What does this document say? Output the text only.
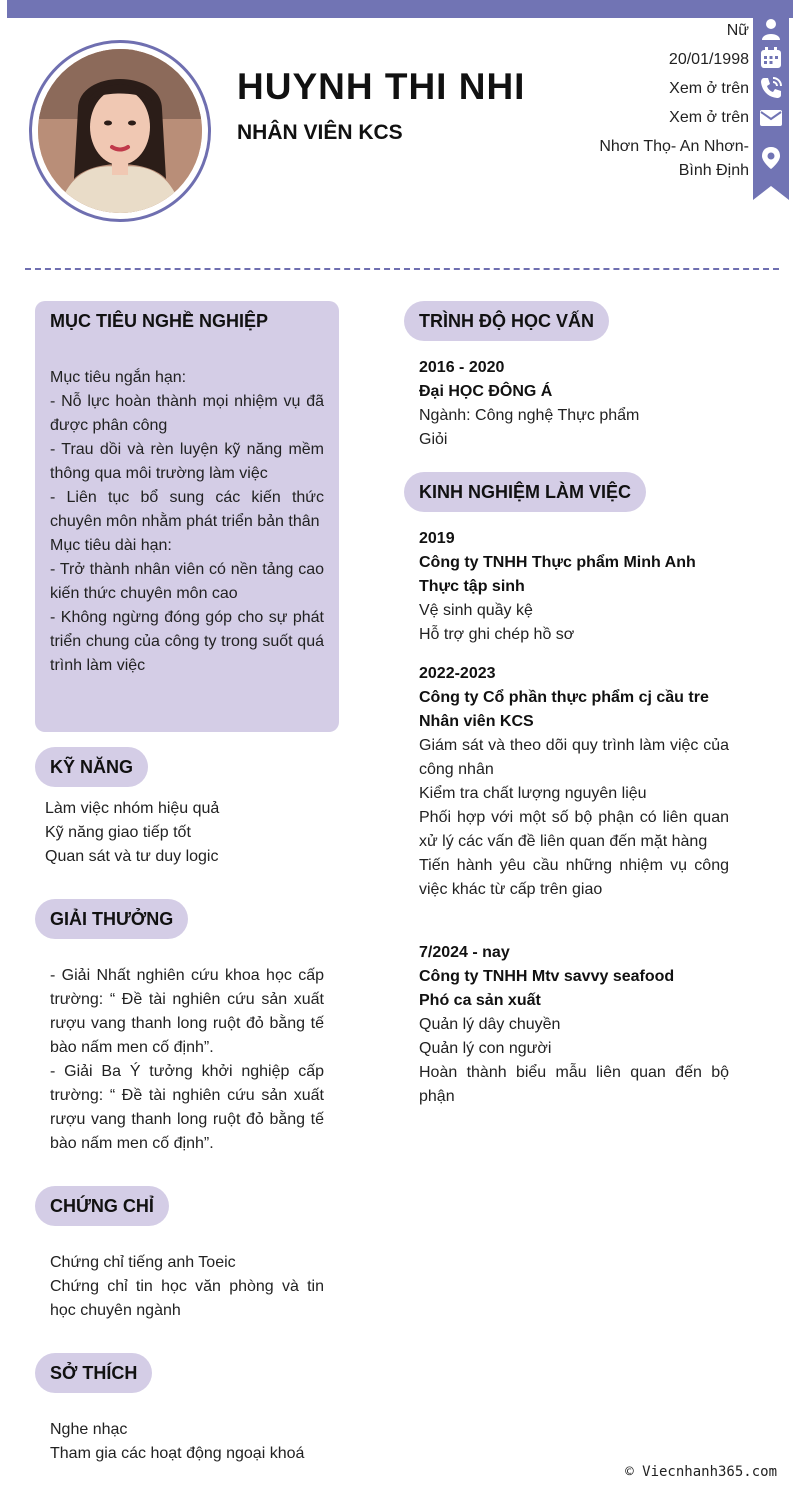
HUYNH THI NHI
NHÂN VIÊN KCS
Nữ
20/01/1998
Xem ở trên
Xem ở trên
Nhơn Thọ- An Nhơn-
Bình Định
MỤC TIÊU NGHỀ NGHIỆP
Mục tiêu ngắn hạn:
- Nỗ lực hoàn thành mọi nhiệm vụ đã được phân công
- Trau dồi và rèn luyện kỹ năng mềm thông qua môi trường làm việc
- Liên tục bổ sung các kiến thức chuyên môn nhằm phát triển bản thân
Mục tiêu dài hạn:
- Trở thành nhân viên có nền tảng cao kiến thức chuyên môn cao
- Không ngừng đóng góp cho sự phát triển chung của công ty trong suốt quá trình làm việc
KỸ NĂNG
Làm việc nhóm hiệu quả
Kỹ năng giao tiếp tốt
Quan sát và tư duy logic
GIẢI THƯỞNG
- Giải Nhất nghiên cứu khoa học cấp trường: “ Đề tài nghiên cứu sản xuất rượu vang thanh long ruột đỏ bằng tế bào nấm men cố định”.
- Giải Ba Ý tưởng khởi nghiệp cấp trường: “ Đề tài nghiên cứu sản xuất rượu vang thanh long ruột đỏ bằng tế bào nấm men cố định”.
CHỨNG CHỈ
Chứng chỉ tiếng anh Toeic
Chứng chỉ tin học văn phòng và tin học chuyên ngành
SỞ THÍCH
Nghe nhạc
Tham gia các hoạt động ngoại khoá
TRÌNH ĐỘ HỌC VẤN
2016 - 2020
Đại HỌC ĐÔNG Á
Ngành: Công nghệ Thực phẩm
Giỏi
KINH NGHIỆM LÀM VIỆC
2019
Công ty TNHH Thực phẩm Minh Anh
Thực tập sinh
Vệ sinh quầy kệ
Hỗ trợ ghi chép hồ sơ
2022-2023
Công ty Cổ phần thực phẩm cj cầu tre
Nhân viên KCS
Giám sát và theo dõi quy trình làm việc của công nhân
Kiểm tra chất lượng nguyên liệu
Phối hợp với một số bộ phận có liên quan xử lý các vấn đề liên quan đến mặt hàng
Tiến hành yêu cầu những nhiệm vụ công việc khác từ cấp trên giao
7/2024 - nay
Công ty TNHH Mtv savvy seafood
Phó ca sản xuất
Quản lý dây chuyền
Quản lý con người
Hoàn thành biểu mẫu liên quan đến bộ phận
© Viecnhanh365.com
